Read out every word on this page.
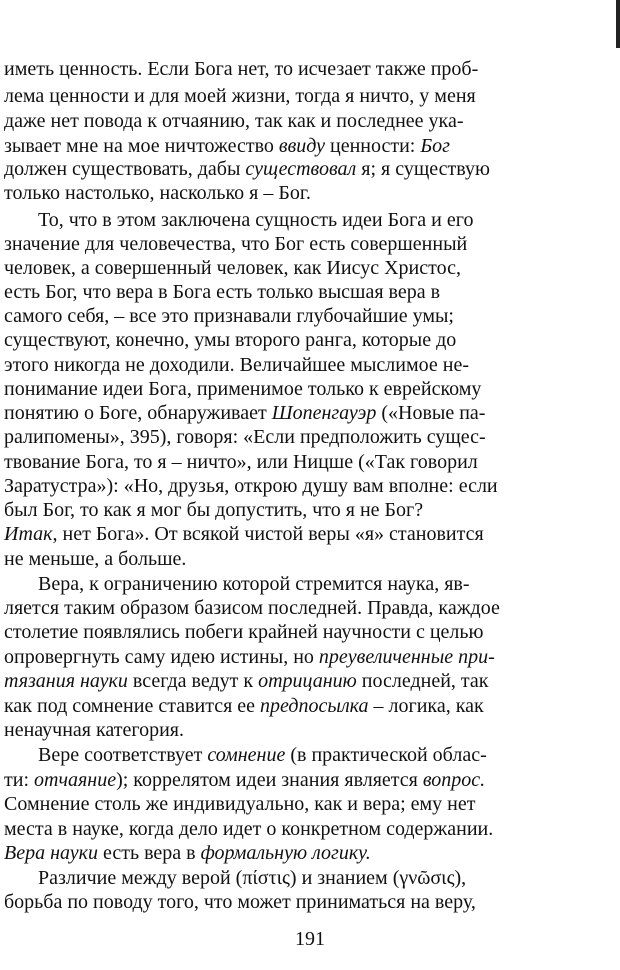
иметь ценность. Если Бога нет, то исчезает также проб-
лема ценности и для моей жизни, тогда я ничто, у меня
даже нет повода к отчаянию, так как и последнее ука-
зывает мне на мое ничтожество ввиду ценности: Бог
должен существовать, дабы существовал я; я существую
только настолько, насколько я – Бог.
То, что в этом заключена сущность идеи Бога и его
значение для человечества, что Бог есть совершенный
человек, а совершенный человек, как Иисус Христос,
есть Бог, что вера в Бога есть только высшая вера в
самого себя, – все это признавали глубочайшие умы;
существуют, конечно, умы второго ранга, которые до
этого никогда не доходили. Величайшее мыслимое не-
понимание идеи Бога, применимое только к еврейскому
понятию о Боге, обнаруживает Шопенгауэр («Новые па-
ралипомены», 395), говоря: «Если предположить сущес-
твование Бога, то я – ничто», или Ницше («Так говорил
Заратустра»): «Но, друзья, открою душу вам вполне: если
был Бог, то как я мог бы допустить, что я не Бог?
Итак, нет Бога». От всякой чистой веры «я» становится
не меньше, а больше.
Вера, к ограничению которой стремится наука, яв-
ляется таким образом базисом последней. Правда, каждое
столетие появлялись побеги крайней научности с целью
опровергнуть саму идею истины, но преувеличенные при-
тязания науки всегда ведут к отрицанию последней, так
как под сомнение ставится ее предпосылка – логика, как
ненаучная категория.
Вере соответствует сомнение (в практической облас-
ти: отчаяние); коррелятом идеи знания является вопрос.
Сомнение столь же индивидуально, как и вера; ему нет
места в науке, когда дело идет о конкретном содержании.
Вера науки есть вера в формальную логику.
Различие между верой (πίστις) и знанием (γνῶσις),
борьба по поводу того, что может приниматься на веру,
191
